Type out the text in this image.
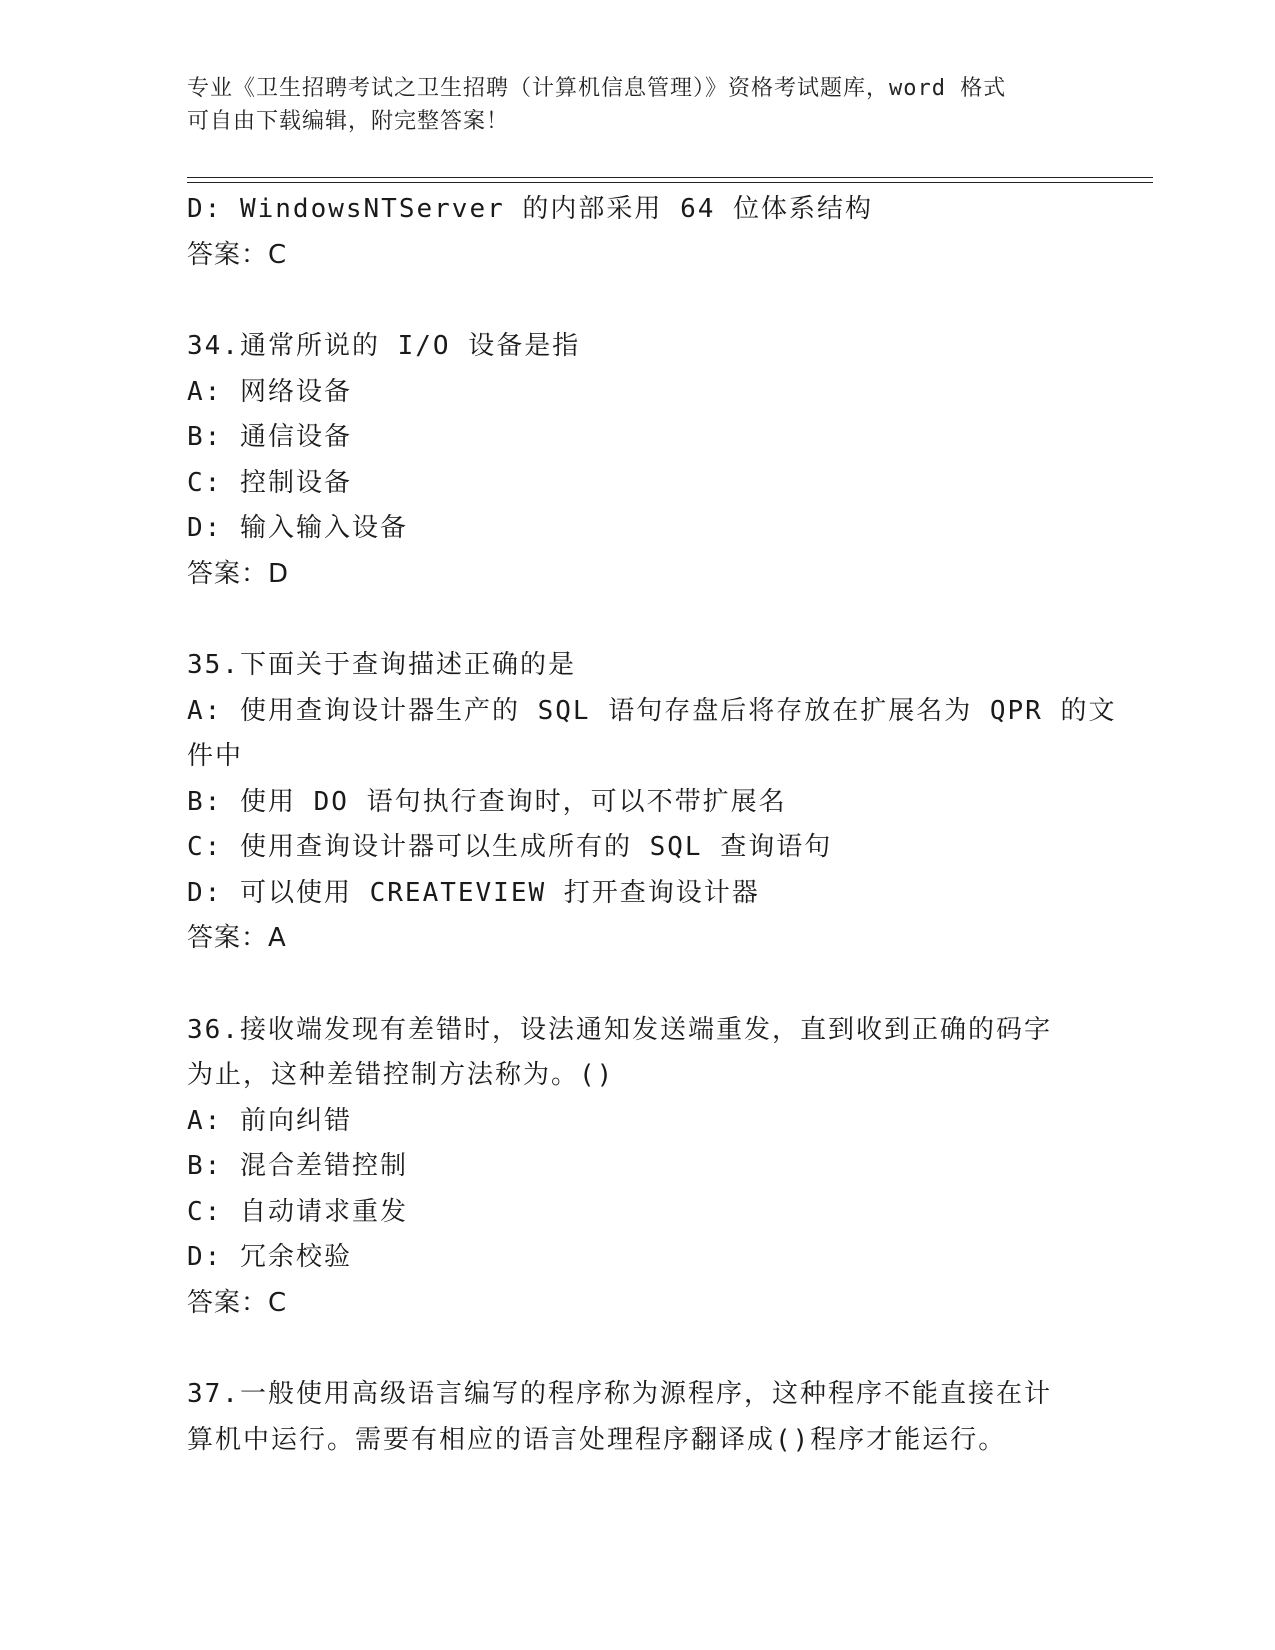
专业《卫生招聘考试之卫生招聘（计算机信息管理）》资格考试题库，word 格式
可自由下载编辑，附完整答案！
D: WindowsNTServer 的内部采用 64 位体系结构
答案：C
34.通常所说的 I/O 设备是指
A: 网络设备
B: 通信设备
C: 控制设备
D: 输入输入设备
答案：D
35.下面关于查询描述正确的是
A: 使用查询设计器生产的 SQL 语句存盘后将存放在扩展名为 QPR 的文
件中
B: 使用 DO 语句执行查询时，可以不带扩展名
C: 使用查询设计器可以生成所有的 SQL 查询语句
D: 可以使用 CREATEVIEW 打开查询设计器
答案：A
36.接收端发现有差错时，设法通知发送端重发，直到收到正确的码字
为止，这种差错控制方法称为。()
A: 前向纠错
B: 混合差错控制
C: 自动请求重发
D: 冗余校验
答案：C
37.一般使用高级语言编写的程序称为源程序，这种程序不能直接在计
算机中运行。需要有相应的语言处理程序翻译成()程序才能运行。
